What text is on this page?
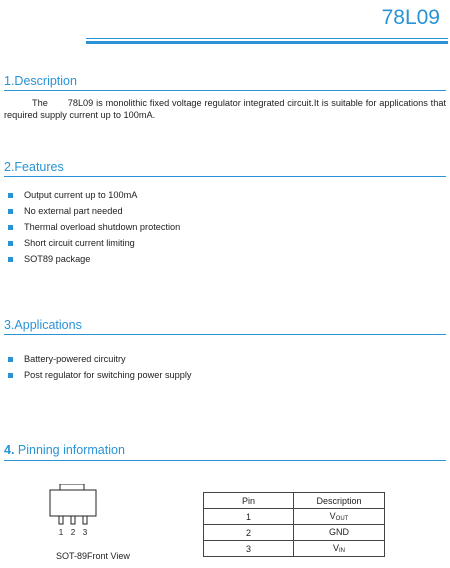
78L09
1.Description

The 78L09 is monolithic fixed voltage regulator integrated circuit.It is suitable for applications that required supply current up to 100mA.

2.Features
Output current up to 100mA
No external part needed
Thermal overload shutdown protection
Short circuit current limiting
SOT89 package
3.Applications
Battery-powered circuitry
Post regulator for switching power supply
4. Pinning information
1 2 3
SOT-89Front View
Pin	Description
1	VOUT
2	GND
3	VIN
